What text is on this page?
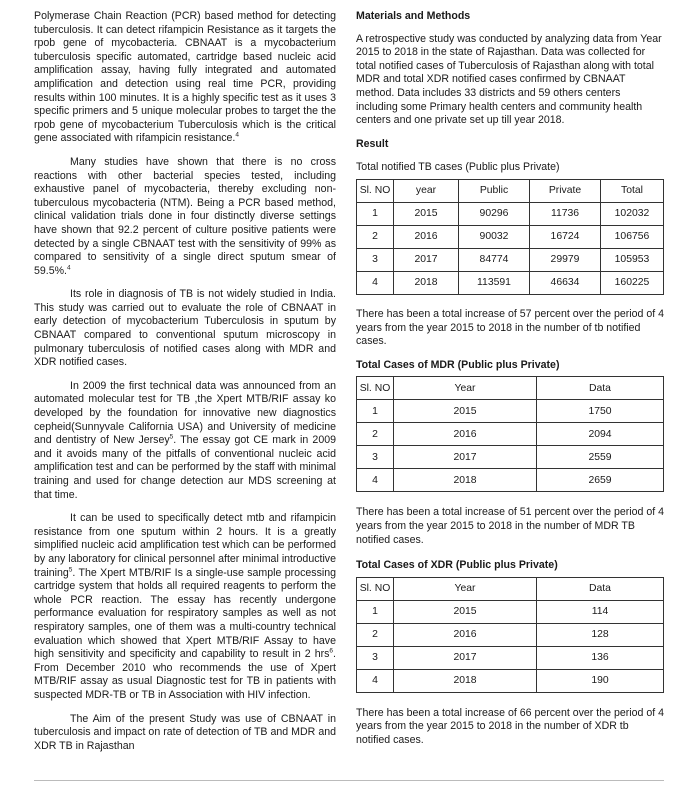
Polymerase Chain Reaction (PCR) based method for detecting tuberculosis. It can detect rifampicin Resistance as it targets the rpob gene of mycobacteria. CBNAAT is a mycobacterium tuberculosis specific automated, cartridge based nucleic acid amplification assay, having fully integrated and automated amplification and detection using real time PCR, providing results within 100 minutes. It is a highly specific test as it uses 3 specific primers and 5 unique molecular probes to target the the rpob gene of mycobacterium Tuberculosis which is the critical gene associated with rifampicin resistance.$^4$

Many studies have shown that there is no cross reactions with other bacterial species tested, including exhaustive panel of mycobacteria, thereby excluding non-tuberculous mycobacteria (NTM). Being a PCR based method, clinical validation trials done in four distinctly diverse settings have shown that 92.2 percent of culture positive patients were detected by a single CBNAAT test with the sensitivity of 99% as compared to sensitivity of a single direct sputum smear of 59.5%.$^4$

Its role in diagnosis of TB is not widely studied in India. This study was carried out to evaluate the role of CBNAAT in early detection of mycobacterium Tuberculosis in sputum by CBNAAT compared to conventional sputum microscopy in pulmonary tuberculosis of notified cases along with MDR and XDR notified cases.

In 2009 the first technical data was announced from an automated molecular test for TB ,the Xpert MTB/RIF assay ko developed by the foundation for innovative new diagnostics cepheid(Sunnyvale California USA) and University of medicine and dentistry of New Jersey$^5$. The essay got CE mark in 2009 and it avoids many of the pitfalls of conventional nucleic acid amplification test and can be performed by the staff with minimal training and used for change detection aur MDS screening at that time.

It can be used to specifically detect mtb and rifampicin resistance from one sputum within 2 hours. It is a greatly simplified nucleic acid amplification test which can be performed by any laboratory for clinical personnel after minimal introductive training$^5$. The Xpert MTB/RIF Is a single-use sample processing cartridge system that holds all required reagents to perform the whole PCR reaction. The essay has recently undergone performance evaluation for respiratory samples as well as not respiratory samples, one of them was a multi-country technical evaluation which showed that Xpert MTB/RIF Assay to have high sensitivity and specificity and capability to result in 2 hrs$^6$. From December 2010 who recommends the use of Xpert MTB/RIF assay as usual Diagnostic test for TB in patients with suspected MDR-TB or TB in Association with HIV infection.

The Aim of the present Study was use of CBNAAT in tuberculosis and impact on rate of detection of TB and MDR and XDR TB in Rajasthan

Materials and Methods

A retrospective study was conducted by analyzing data from Year 2015 to 2018 in the state of Rajasthan. Data was collected for total notified cases of Tuberculosis of Rajasthan along with total MDR and total XDR notified cases confirmed by CBNAAT method. Data includes 33 districts and 59 others centers including some Primary health centers and community health centers and one private set up till year 2018.

Result

Total notified TB cases (Public plus Private)

Sl. NO	year	Public	Private	Total
1	2015	90296	11736	102032
2	2016	90032	16724	106756
3	2017	84774	29979	105953
4	2018	113591	46634	160225

There has been a total increase of 57 percent over the period of 4 years from the year 2015 to 2018 in the number of tb notified cases.

Total Cases of MDR (Public plus Private)

Sl. NO	Year	Data
1	2015	1750
2	2016	2094
3	2017	2559
4	2018	2659

There has been a total increase of 51 percent over the period of 4 years from the year 2015 to 2018 in the number of MDR TB notified cases.

Total Cases of XDR (Public plus Private)

Sl. NO	Year	Data
1	2015	114
2	2016	128
3	2017	136
4	2018	190

There has been a total increase of 66 percent over the period of 4 years from the year 2015 to 2018 in the number of XDR tb notified cases.
